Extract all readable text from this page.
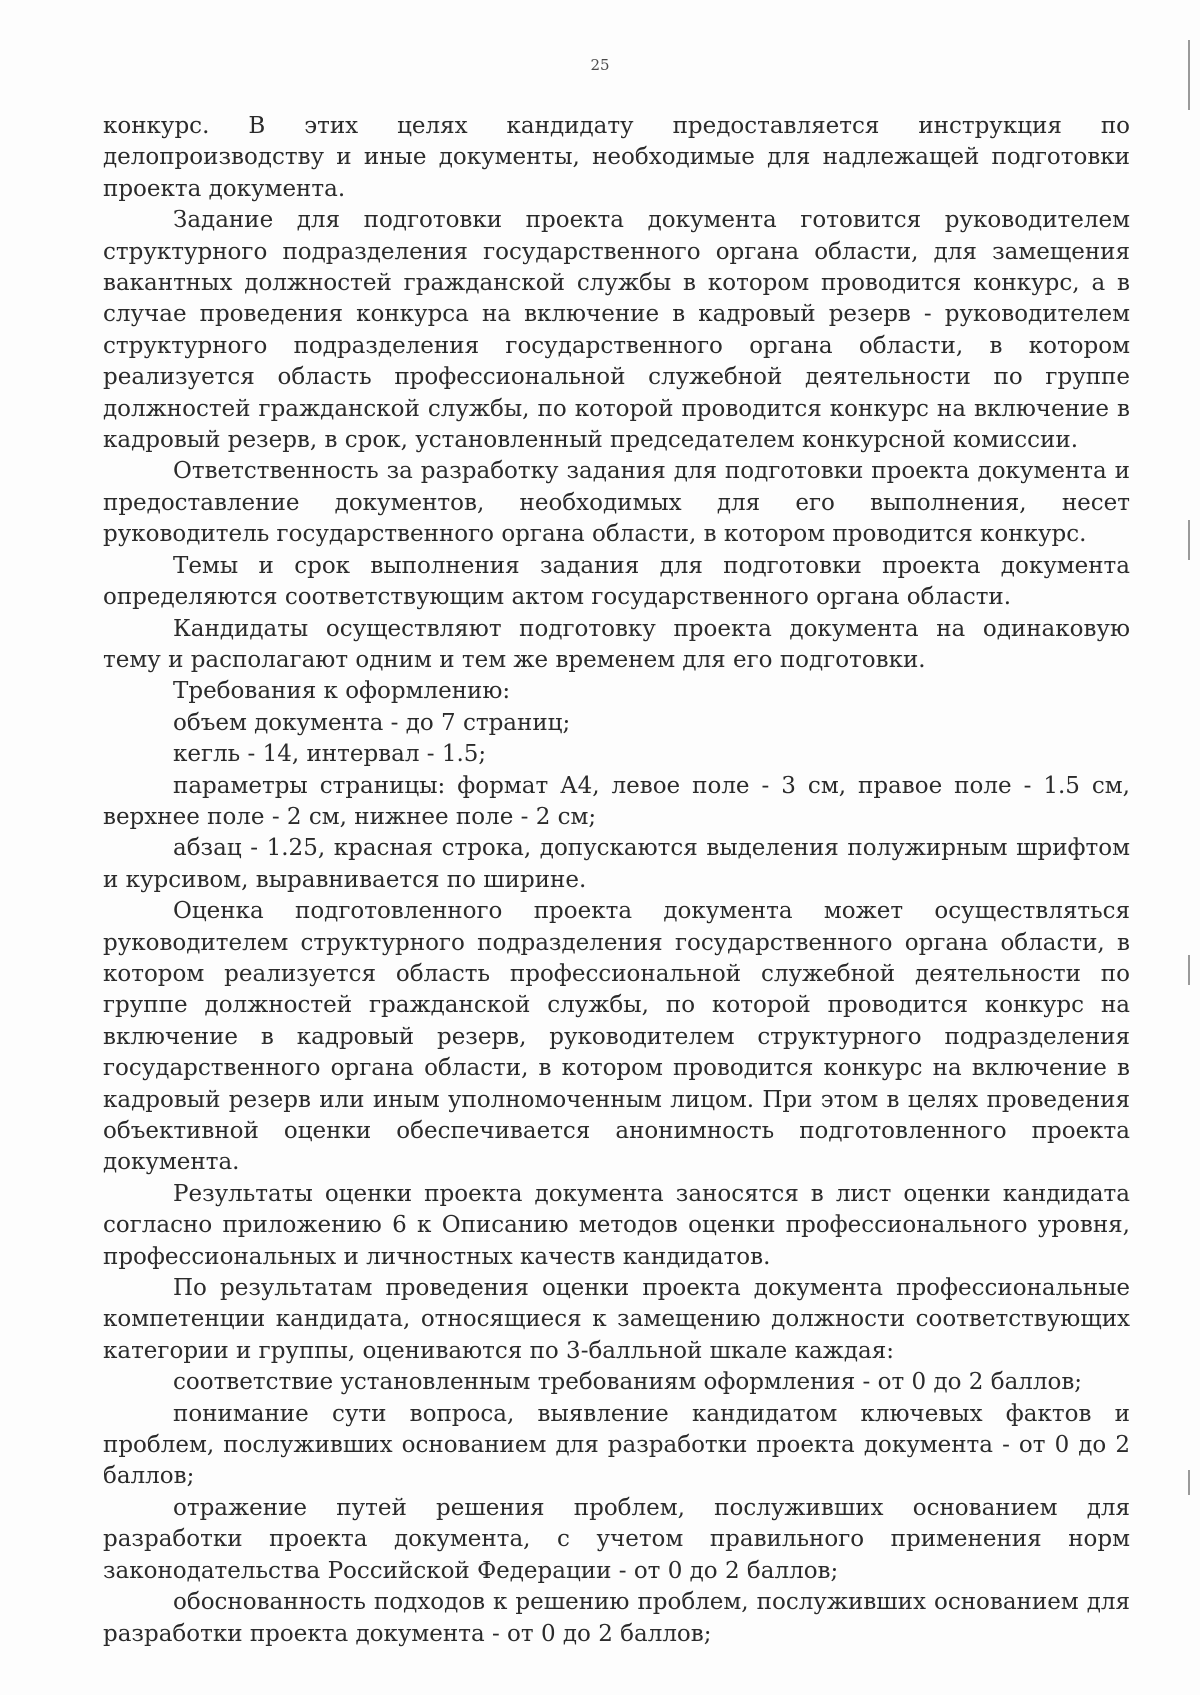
25

конкурс. В этих целях кандидату предоставляется инструкция по делопроизводству и иные документы, необходимые для надлежащей подготовки проекта документа.

Задание для подготовки проекта документа готовится руководителем структурного подразделения государственного органа области, для замещения вакантных должностей гражданской службы в котором проводится конкурс, а в случае проведения конкурса на включение в кадровый резерв - руководителем структурного подразделения государственного органа области, в котором реализуется область профессиональной служебной деятельности по группе должностей гражданской службы, по которой проводится конкурс на включение в кадровый резерв, в срок, установленный председателем конкурсной комиссии.

Ответственность за разработку задания для подготовки проекта документа и предоставление документов, необходимых для его выполнения, несет руководитель государственного органа области, в котором проводится конкурс.

Темы и срок выполнения задания для подготовки проекта документа определяются соответствующим актом государственного органа области.

Кандидаты осуществляют подготовку проекта документа на одинаковую тему и располагают одним и тем же временем для его подготовки.

Требования к оформлению:

объем документа - до 7 страниц;

кегль - 14, интервал - 1.5;

параметры страницы: формат А4, левое поле - 3 см, правое поле - 1.5 см, верхнее поле - 2 см, нижнее поле - 2 см;

абзац - 1.25, красная строка, допускаются выделения полужирным шрифтом и курсивом, выравнивается по ширине.

Оценка подготовленного проекта документа может осуществляться руководителем структурного подразделения государственного органа области, в котором реализуется область профессиональной служебной деятельности по группе должностей гражданской службы, по которой проводится конкурс на включение в кадровый резерв, руководителем структурного подразделения государственного органа области, в котором проводится конкурс на включение в кадровый резерв или иным уполномоченным лицом. При этом в целях проведения объективной оценки обеспечивается анонимность подготовленного проекта документа.

Результаты оценки проекта документа заносятся в лист оценки кандидата согласно приложению 6 к Описанию методов оценки профессионального уровня, профессиональных и личностных качеств кандидатов.

По результатам проведения оценки проекта документа профессиональные компетенции кандидата, относящиеся к замещению должности соответствующих категории и группы, оцениваются по 3-балльной шкале каждая:

соответствие установленным требованиям оформления - от 0 до 2 баллов;

понимание сути вопроса, выявление кандидатом ключевых фактов и проблем, послуживших основанием для разработки проекта документа - от 0 до 2 баллов;

отражение путей решения проблем, послуживших основанием для разработки проекта документа, с учетом правильного применения норм законодательства Российской Федерации - от 0 до 2 баллов;

обоснованность подходов к решению проблем, послуживших основанием для разработки проекта документа - от 0 до 2 баллов;
